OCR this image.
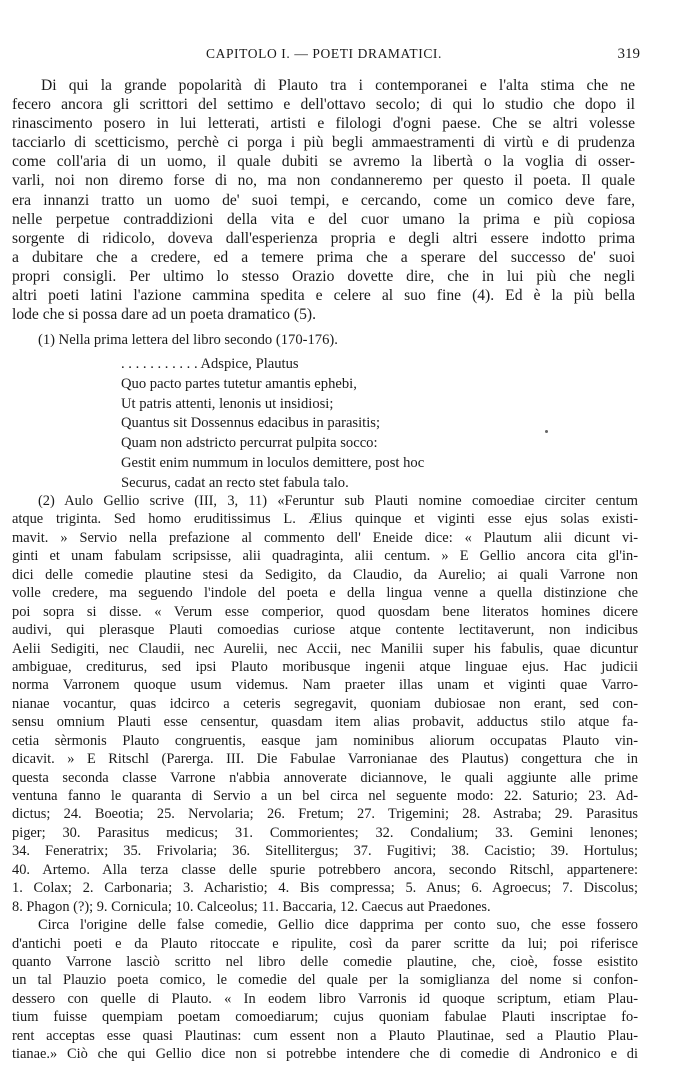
CAPITOLO I. — POETI DRAMATICI.	319
Di qui la grande popolarità di Plauto tra i contemporanei e l'alta stima che ne
fecero ancora gli scrittori del settimo e dell'ottavo secolo; di qui lo studio che dopo il
rinascimento posero in lui letterati, artisti e filologi d'ogni paese. Che se altri volesse
tacciarlo di scetticismo, perchè ci porga i più begli ammaestramenti di virtù e di prudenza
come coll'aria di un uomo, il quale dubiti se avremo la libertà o la voglia di osser-
varli, noi non diremo forse di no, ma non condanneremo per questo il poeta. Il quale
era innanzi tratto un uomo de' suoi tempi, e cercando, come un comico deve fare,
nelle perpetue contraddizioni della vita e del cuor umano la prima e più copiosa
sorgente di ridicolo, doveva dall'esperienza propria e degli altri essere indotto prima
a dubitare che a credere, ed a temere prima che a sperare del successo de' suoi
propri consigli. Per ultimo lo stesso Orazio dovette dire, che in lui più che negli
altri poeti latini l'azione cammina spedita e celere al suo fine (4). Ed è la più bella
lode che si possa dare ad un poeta dramatico (5).
(1) Nella prima lettera del libro secondo (170-176).
. . . . . . . . . . . Adspice, Plautus
Quo pacto partes tutetur amantis ephebi,
Ut patris attenti, lenonis ut insidiosi;
Quantus sit Dossennus edacibus in parasitis;
Quam non adstricto percurrat pulpita socco:
Gestit enim nummum in loculos demittere, post hoc
Securus, cadat an recto stet fabula talo.
(2) Aulo Gellio scrive (III, 3, 11) «Feruntur sub Plauti nomine comoediae circiter centum
atque triginta. Sed homo eruditissimus L. Ælius quinque et viginti esse ejus solas existi-
mavit. » Servio nella prefazione al commento dell' Eneide dice: « Plautum alii dicunt vi-
ginti et unam fabulam scripsisse, alii quadraginta, alii centum. » E Gellio ancora cita gl'in-
dici delle comedie plautine stesi da Sedigito, da Claudio, da Aurelio; ai quali Varrone non
volle credere, ma seguendo l'indole del poeta e della lingua venne a quella distinzione che
poi sopra si disse. « Verum esse comperior, quod quosdam bene literatos homines dicere
audivi, qui plerasque Plauti comoedias curiose atque contente lectitaverunt, non indicibus
Aelii Sedigiti, nec Claudii, nec Aurelii, nec Accii, nec Manilii super his fabulis, quae dicuntur
ambiguae, crediturus, sed ipsi Plauto moribusque ingenii atque linguae ejus. Hac judicii
norma Varronem quoque usum videmus. Nam praeter illas unam et viginti quae Varro-
nianae vocantur, quas idcirco a ceteris segregavit, quoniam dubiosae non erant, sed con-
sensu omnium Plauti esse censentur, quasdam item alias probavit, adductus stilo atque fa-
cetia sèrmonis Plauto congruentis, easque jam nominibus aliorum occupatas Plauto vin-
dicavit. » E Ritschl (Parerga. III. Die Fabulae Varronianae des Plautus) congettura che in
questa seconda classe Varrone n'abbia annoverate diciannove, le quali aggiunte alle prime
ventuna fanno le quaranta di Servio a un bel circa nel seguente modo: 22. Saturio; 23. Ad-
dictus; 24. Boeotia; 25. Nervolaria; 26. Fretum; 27. Trigemini; 28. Astraba; 29. Parasitus
piger; 30. Parasitus medicus; 31. Commorientes; 32. Condalium; 33. Gemini lenones;
34. Feneratrix; 35. Frivolaria; 36. Sitellitergus; 37. Fugitivi; 38. Cacistio; 39. Hortulus;
40. Artemo. Alla terza classe delle spurie potrebbero ancora, secondo Ritschl, appartenere:
1. Colax; 2. Carbonaria; 3. Acharistio; 4. Bis compressa; 5. Anus; 6. Agroecus; 7. Discolus;
8. Phagon (?); 9. Cornicula; 10. Calceolus; 11. Baccaria, 12. Caecus aut Praedones.
Circa l'origine delle false comedie, Gellio dice dapprima per conto suo, che esse fossero
d'antichi poeti e da Plauto ritoccate e ripulite, così da parer scritte da lui; poi riferisce
quanto Varrone lasciò scritto nel libro delle comedie plautine, che, cioè, fosse esistito
un tal Plauzio poeta comico, le comedie del quale per la somiglianza del nome si confon-
dessero con quelle di Plauto. « In eodem libro Varronis id quoque scriptum, etiam Plau-
tium fuisse quempiam poetam comoediarum; cujus quoniam fabulae Plauti inscriptae fo-
rent acceptas esse quasi Plautinas: cum essent non a Plauto Plautinae, sed a Plautio Plau-
tianae.» Ciò che qui Gellio dice non si potrebbe intendere che di comedie di Andronico e di
